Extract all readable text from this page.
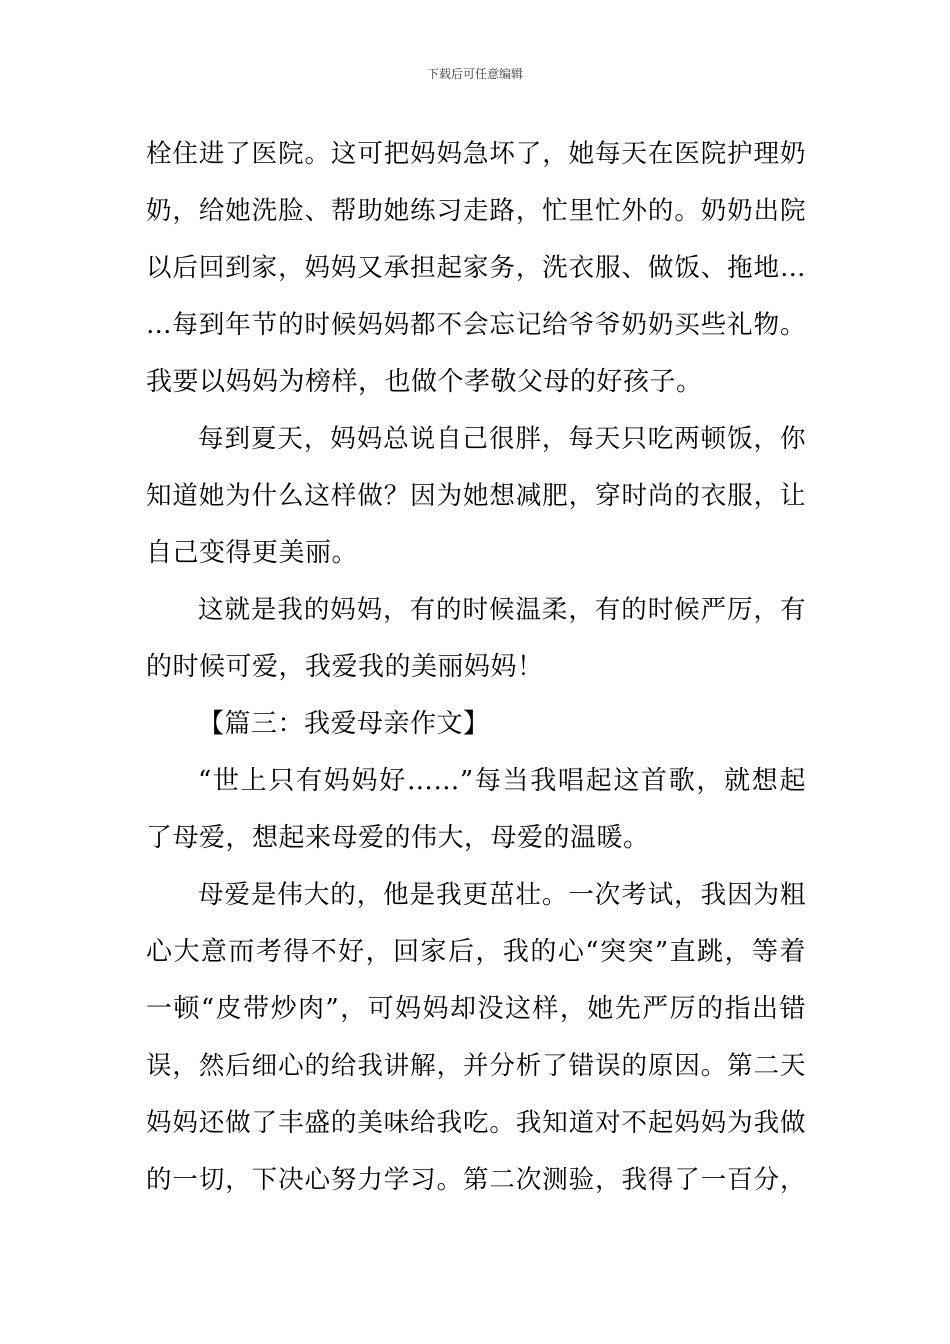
下载后可任意编辑
栓住进了医院。这可把妈妈急坏了，她每天在医院护理奶
奶，给她洗脸、帮助她练习走路，忙里忙外的。奶奶出院
以后回到家，妈妈又承担起家务，洗衣服、做饭、拖地…
…每到年节的时候妈妈都不会忘记给爷爷奶奶买些礼物。
我要以妈妈为榜样，也做个孝敬父母的好孩子。
每到夏天，妈妈总说自己很胖，每天只吃两顿饭，你
知道她为什么这样做？因为她想减肥，穿时尚的衣服，让
自己变得更美丽。
这就是我的妈妈，有的时候温柔，有的时候严厉，有
的时候可爱，我爱我的美丽妈妈！
【篇三：我爱母亲作文】
“世上只有妈妈好……”每当我唱起这首歌，就想起
了母爱，想起来母爱的伟大，母爱的温暖。
母爱是伟大的，他是我更茁壮。一次考试，我因为粗
心大意而考得不好，回家后，我的心“突突”直跳，等着
一顿“皮带炒肉”，可妈妈却没这样，她先严厉的指出错
误，然后细心的给我讲解，并分析了错误的原因。第二天
妈妈还做了丰盛的美味给我吃。我知道对不起妈妈为我做
的一切，下决心努力学习。第二次测验，我得了一百分，
